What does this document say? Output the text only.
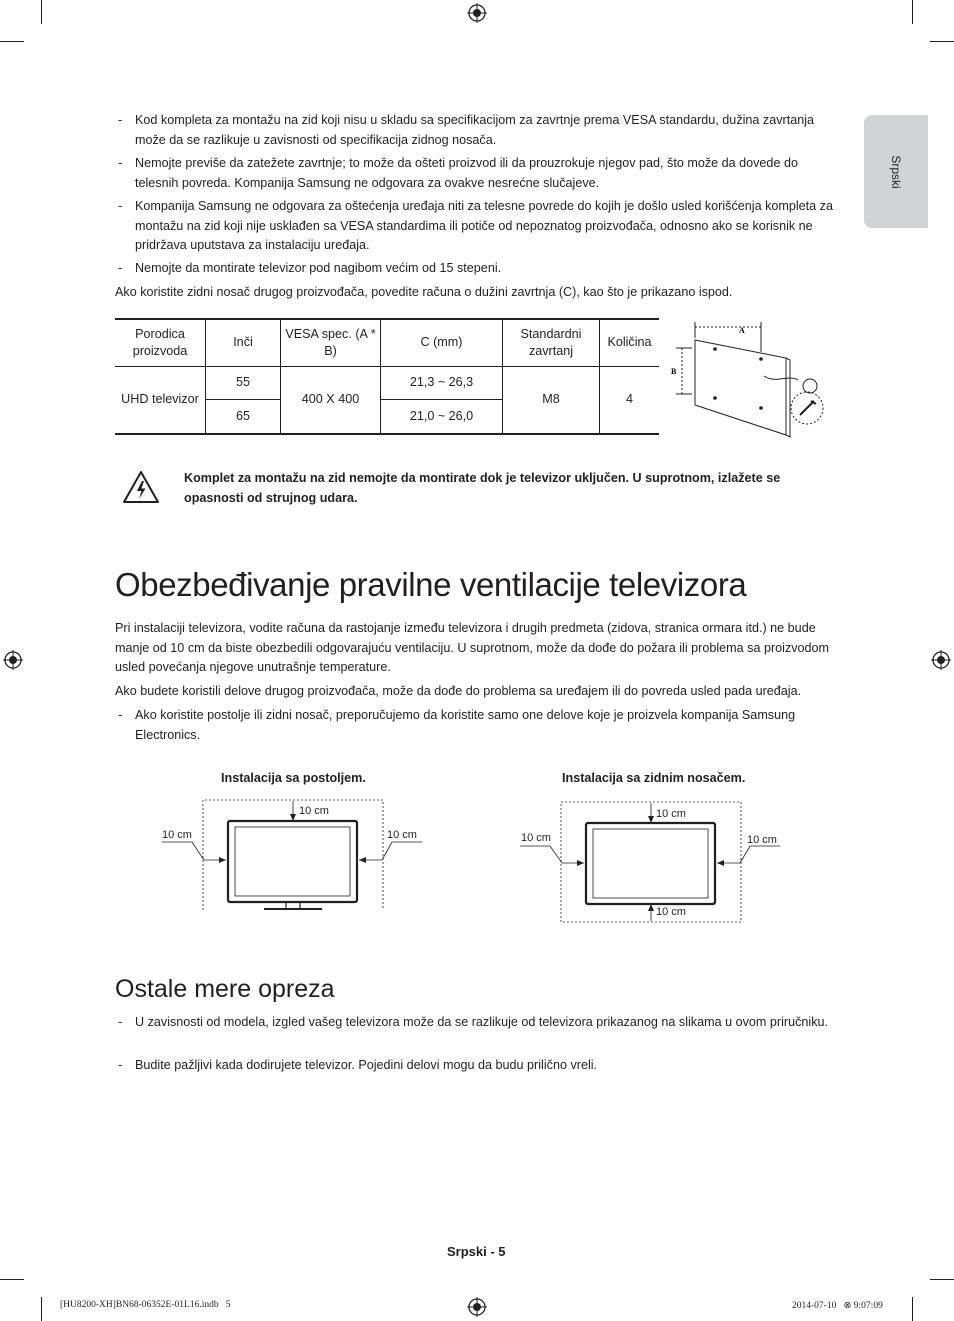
Srpski
- Kod kompleta za montažu na zid koji nisu u skladu sa specifikacijom za zavrtnje prema VESA standardu, dužina zavrtanja može da se razlikuje u zavisnosti od specifikacija zidnog nosača.
- Nemojte previše da zatežete zavrtnje; to može da ošteti proizvod ili da prouzrokuje njegov pad, što može da dovede do telesnih povreda. Kompanija Samsung ne odgovara za ovakve nesrećne slučajeve.
- Kompanija Samsung ne odgovara za oštećenja uređaja niti za telesne povrede do kojih je došlo usled korišćenja kompleta za montažu na zid koji nije usklađen sa VESA standardima ili potiče od nepoznatog proizvođača, odnosno ako se korisnik ne pridržava uputstava za instalaciju uređaja.
- Nemojte da montirate televizor pod nagibom većim od 15 stepeni.
Ako koristite zidni nosač drugog proizvođača, povedite računa o dužini zavrtnja (C), kao što je prikazano ispod.
Porodica proizvoda	Inči	VESA spec. (A * B)	C (mm)	Standardni zavrtanj	Količina
UHD televizor	55	400 X 400	21,3 ~ 26,3	M8	4
	65		21,0 ~ 26,0		
A
B
Komplet za montažu na zid nemojte da montirate dok je televizor uključen. U suprotnom, izlažete se opasnosti od strujnog udara.
Obezbeđivanje pravilne ventilacije televizora
Pri instalaciji televizora, vodite računa da rastojanje između televizora i drugih predmeta (zidova, stranica ormara itd.) ne bude manje od 10 cm da biste obezbedili odgovarajuću ventilaciju. U suprotnom, može da dođe do požara ili problema sa proizvodom usled povećanja njegove unutrašnje temperature.
Ako budete koristili delove drugog proizvođača, može da dođe do problema sa uređajem ili do povreda usled pada uređaja.
- Ako koristite postolje ili zidni nosač, preporučujemo da koristite samo one delove koje je proizvela kompanija Samsung Electronics.
Instalacija sa postoljem.
10 cm
10 cm	10 cm
Instalacija sa zidnim nosačem.
10 cm
10 cm	10 cm
10 cm
Ostale mere opreza
- U zavisnosti od modela, izgled vašeg televizora može da se razlikuje od televizora prikazanog na slikama u ovom priručniku.
- Budite pažljivi kada dodirujete televizor. Pojedini delovi mogu da budu prilično vreli.
Srpski - 5
[HU8200-XH]BN68-06352E-01L16.indb   5	2014-07-10   ⊗ 9:07:09
